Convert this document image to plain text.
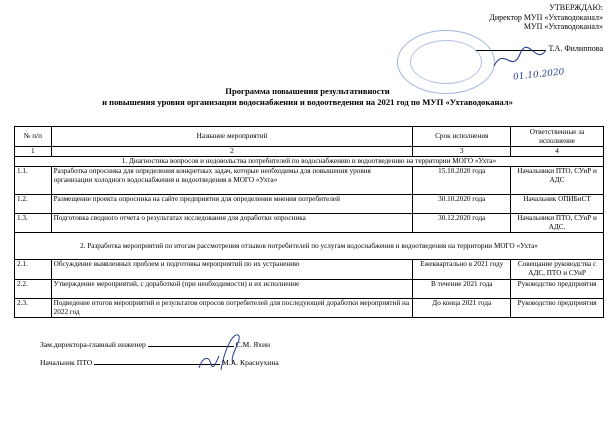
УТВЕРЖДАЮ:
Директор МУП «Ухтаводоканал»
МУП «Ухтаводоканал»
Т.А. Филиппова
01.10.2020
Программа повышения результативности
и повышения уровня организации водоснабжения и водоотведения на 2021 год по МУП «Ухтаводоканал»
№ п/п	Название мероприятий	Срок исполнения	Ответственные за исполнение
1	2	3	4
1. Диагностика вопросов и недовольства потребителей по водоснабжению и водоотведению на территории МОГО «Ухта»			
1.1.	Разработка опросника для определения конкретных задач, которые необходимы для повышения уровня организации холодного водоснабжения и водоотведения в МОГО «Ухта»	15.10.2020 года	Начальники ПТО, СУиР и АДС
1.2.	Размещение проекта опросника на сайте предприятия для определения мнения потребителей	30.10.2020 года	Начальник ОПИБиСТ
1.3.	Подготовка сводного отчета о результатах исследования для доработки опросника	30.12.2020 года	Начальники ПТО, СУиР и АДС.
2. Разработка мероприятий по итогам рассмотрения отзывов потребителей по услугам водоснабжения и водоотведения на территории МОГО «Ухта»			
2.1.	Обсуждение выявленных проблем и подготовка мероприятий по их устранению	Ежеквартально в 2021 году	Совещание руководства с АДС, ПТО и СУиР
2.2.	Утверждение мероприятий, с доработкой (при необходимости) и их исполнение	В течение 2021 года	Руководство предприятия
2.3.	Подведение итогов мероприятий и результатов опросов потребителей для последующей доработки мероприятий на 2022 год	До конца 2021 года	Руководство предприятия
Зам.директора-главный инженер	С.М. Яхин
Начальник ПТО	М.А. Краснухина
